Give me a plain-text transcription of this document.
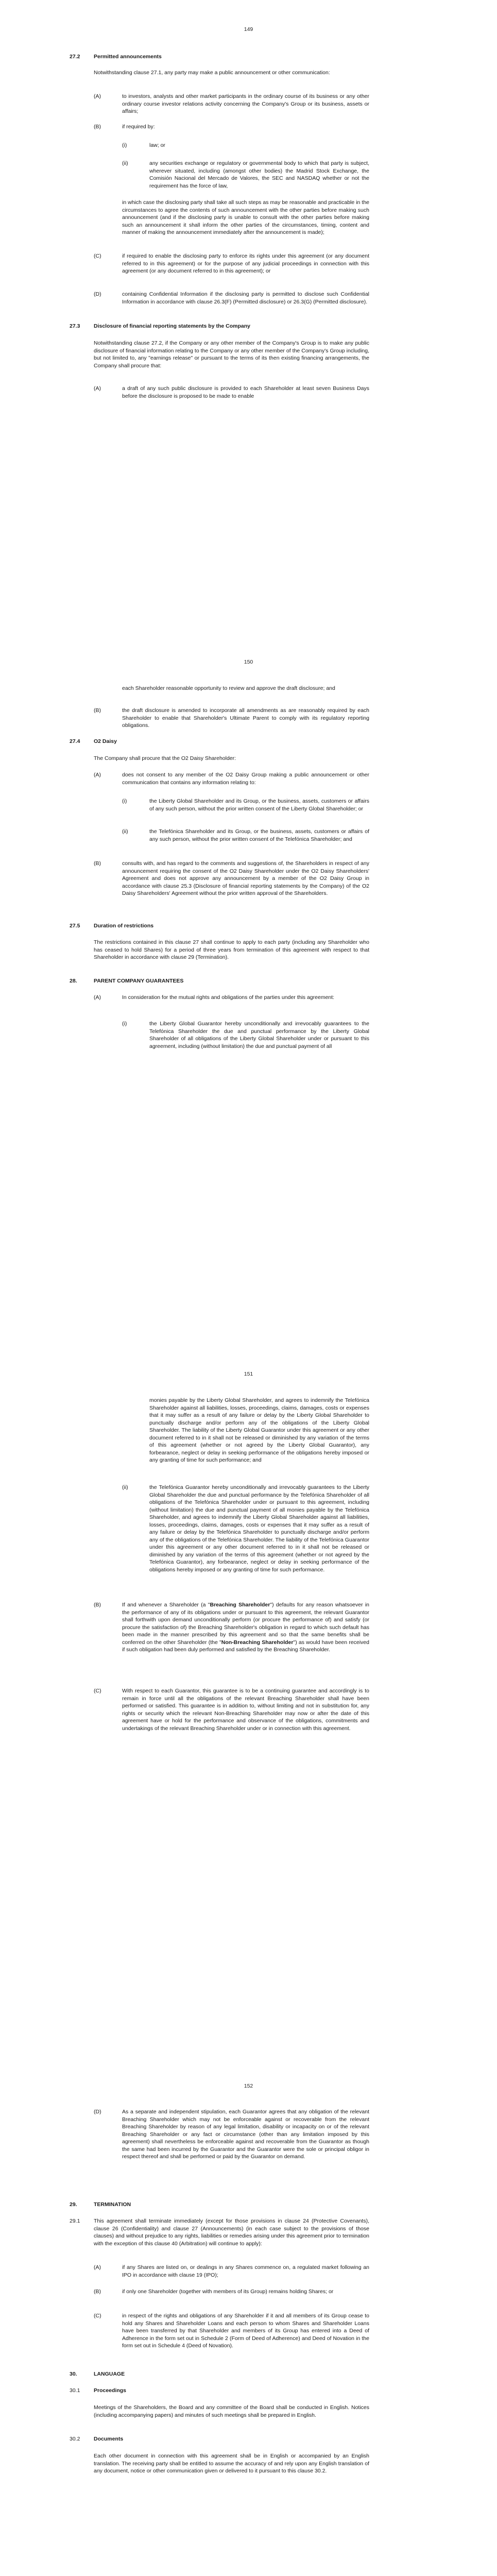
149
27.2	Permitted announcements
Notwithstanding clause 27.1, any party may make a public announcement or other communication:
(A)	to investors, analysts and other market participants in the ordinary course of its business or any other ordinary course investor relations activity concerning the Company's Group or its business, assets or affairs;
(B)	if required by:
(i)	law; or
(ii)	any securities exchange or regulatory or governmental body to which that party is subject, wherever situated, including (amongst other bodies) the Madrid Stock Exchange, the Comisión Nacional del Mercado de Valores, the SEC and NASDAQ whether or not the requirement has the force of law,
in which case the disclosing party shall take all such steps as may be reasonable and practicable in the circumstances to agree the contents of such announcement with the other parties before making such announcement (and if the disclosing party is unable to consult with the other parties before making such an announcement it shall inform the other parties of the circumstances, timing, content and manner of making the announcement immediately after the announcement is made);
(C)	if required to enable the disclosing party to enforce its rights under this agreement (or any document referred to in this agreement) or for the purpose of any judicial proceedings in connection with this agreement (or any document referred to in this agreement); or
(D)	containing Confidential Information if the disclosing party is permitted to disclose such Confidential Information in accordance with clause 26.3(F) (Permitted disclosure) or 26.3(G) (Permitted disclosure).
27.3	Disclosure of financial reporting statements by the Company
Notwithstanding clause 27.2, if the Company or any other member of the Company's Group is to make any public disclosure of financial information relating to the Company or any other member of the Company's Group including, but not limited to, any "earnings release" or pursuant to the terms of its then existing financing arrangements, the Company shall procure that:
(A)	a draft of any such public disclosure is provided to each Shareholder at least seven Business Days before the disclosure is proposed to be made to enable
150
each Shareholder reasonable opportunity to review and approve the draft disclosure; and
(B)	the draft disclosure is amended to incorporate all amendments as are reasonably required by each Shareholder to enable that Shareholder's Ultimate Parent to comply with its regulatory reporting obligations.
27.4	O2 Daisy
The Company shall procure that the O2 Daisy Shareholder:
(A)	does not consent to any member of the O2 Daisy Group making a public announcement or other communication that contains any information relating to:
(i)	the Liberty Global Shareholder and its Group, or the business, assets, customers or affairs of any such person, without the prior written consent of the Liberty Global Shareholder; or
(ii)	the Telefónica Shareholder and its Group, or the business, assets, customers or affairs of any such person, without the prior written consent of the Telefónica Shareholder; and
(B)	consults with, and has regard to the comments and suggestions of, the Shareholders in respect of any announcement requiring the consent of the O2 Daisy Shareholder under the O2 Daisy Shareholders' Agreement and does not approve any announcement by a member of the O2 Daisy Group in accordance with clause 25.3 (Disclosure of financial reporting statements by the Company) of the O2 Daisy Shareholders' Agreement without the prior written approval of the Shareholders.
27.5	Duration of restrictions
The restrictions contained in this clause 27 shall continue to apply to each party (including any Shareholder who has ceased to hold Shares) for a period of three years from termination of this agreement with respect to that Shareholder in accordance with clause 29 (Termination).
28.	PARENT COMPANY GUARANTEES
(A)	In consideration for the mutual rights and obligations of the parties under this agreement:
(i)	the Liberty Global Guarantor hereby unconditionally and irrevocably guarantees to the Telefónica Shareholder the due and punctual performance by the Liberty Global Shareholder of all obligations of the Liberty Global Shareholder under or pursuant to this agreement, including (without limitation) the due and punctual payment of all
151
monies payable by the Liberty Global Shareholder, and agrees to indemnify the Telefónica Shareholder against all liabilities, losses, proceedings, claims, damages, costs or expenses that it may suffer as a result of any failure or delay by the Liberty Global Shareholder to punctually discharge and/or perform any of the obligations of the Liberty Global Shareholder. The liability of the Liberty Global Guarantor under this agreement or any other document referred to in it shall not be released or diminished by any variation of the terms of this agreement (whether or not agreed by the Liberty Global Guarantor), any forbearance, neglect or delay in seeking performance of the obligations hereby imposed or any granting of time for such performance; and
(ii)	the Telefónica Guarantor hereby unconditionally and irrevocably guarantees to the Liberty Global Shareholder the due and punctual performance by the Telefónica Shareholder of all obligations of the Telefónica Shareholder under or pursuant to this agreement, including (without limitation) the due and punctual payment of all monies payable by the Telefónica Shareholder, and agrees to indemnify the Liberty Global Shareholder against all liabilities, losses, proceedings, claims, damages, costs or expenses that it may suffer as a result of any failure or delay by the Telefónica Shareholder to punctually discharge and/or perform any of the obligations of the Telefónica Shareholder. The liability of the Telefónica Guarantor under this agreement or any other document referred to in it shall not be released or diminished by any variation of the terms of this agreement (whether or not agreed by the Telefónica Guarantor), any forbearance, neglect or delay in seeking performance of the obligations hereby imposed or any granting of time for such performance.
(B)	If and whenever a Shareholder (a "Breaching Shareholder") defaults for any reason whatsoever in the performance of any of its obligations under or pursuant to this agreement, the relevant Guarantor shall forthwith upon demand unconditionally perform (or procure the performance of) and satisfy (or procure the satisfaction of) the Breaching Shareholder's obligation in regard to which such default has been made in the manner prescribed by this agreement and so that the same benefits shall be conferred on the other Shareholder (the "Non-Breaching Shareholder") as would have been received if such obligation had been duly performed and satisfied by the Breaching Shareholder.
(C)	With respect to each Guarantor, this guarantee is to be a continuing guarantee and accordingly is to remain in force until all the obligations of the relevant Breaching Shareholder shall have been performed or satisfied. This guarantee is in addition to, without limiting and not in substitution for, any rights or security which the relevant Non-Breaching Shareholder may now or after the date of this agreement have or hold for the performance and observance of the obligations, commitments and undertakings of the relevant Breaching Shareholder under or in connection with this agreement.
152
(D)	As a separate and independent stipulation, each Guarantor agrees that any obligation of the relevant Breaching Shareholder which may not be enforceable against or recoverable from the relevant Breaching Shareholder by reason of any legal limitation, disability or incapacity on or of the relevant Breaching Shareholder or any fact or circumstance (other than any limitation imposed by this agreement) shall nevertheless be enforceable against and recoverable from the Guarantor as though the same had been incurred by the Guarantor and the Guarantor were the sole or principal obligor in respect thereof and shall be performed or paid by the Guarantor on demand.
29.	TERMINATION
29.1	This agreement shall terminate immediately (except for those provisions in clause 24 (Protective Covenants), clause 26 (Confidentiality) and clause 27 (Announcements) (in each case subject to the provisions of those clauses) and without prejudice to any rights, liabilities or remedies arising under this agreement prior to termination with the exception of this clause 40 (Arbitration) will continue to apply):
(A)	if any Shares are listed on, or dealings in any Shares commence on, a regulated market following an IPO in accordance with clause 19 (IPO);
(B)	if only one Shareholder (together with members of its Group) remains holding Shares; or
(C)	in respect of the rights and obligations of any Shareholder if it and all members of its Group cease to hold any Shares and Shareholder Loans and each person to whom Shares and Shareholder Loans have been transferred by that Shareholder and members of its Group has entered into a Deed of Adherence in the form set out in Schedule 2 (Form of Deed of Adherence) and Deed of Novation in the form set out in Schedule 4 (Deed of Novation).
30.	LANGUAGE
30.1	Proceedings
Meetings of the Shareholders, the Board and any committee of the Board shall be conducted in English. Notices (including accompanying papers) and minutes of such meetings shall be prepared in English.
30.2	Documents
Each other document in connection with this agreement shall be in English or accompanied by an English translation. The receiving party shall be entitled to assume the accuracy of and rely upon any English translation of any document, notice or other communication given or delivered to it pursuant to this clause 30.2.
